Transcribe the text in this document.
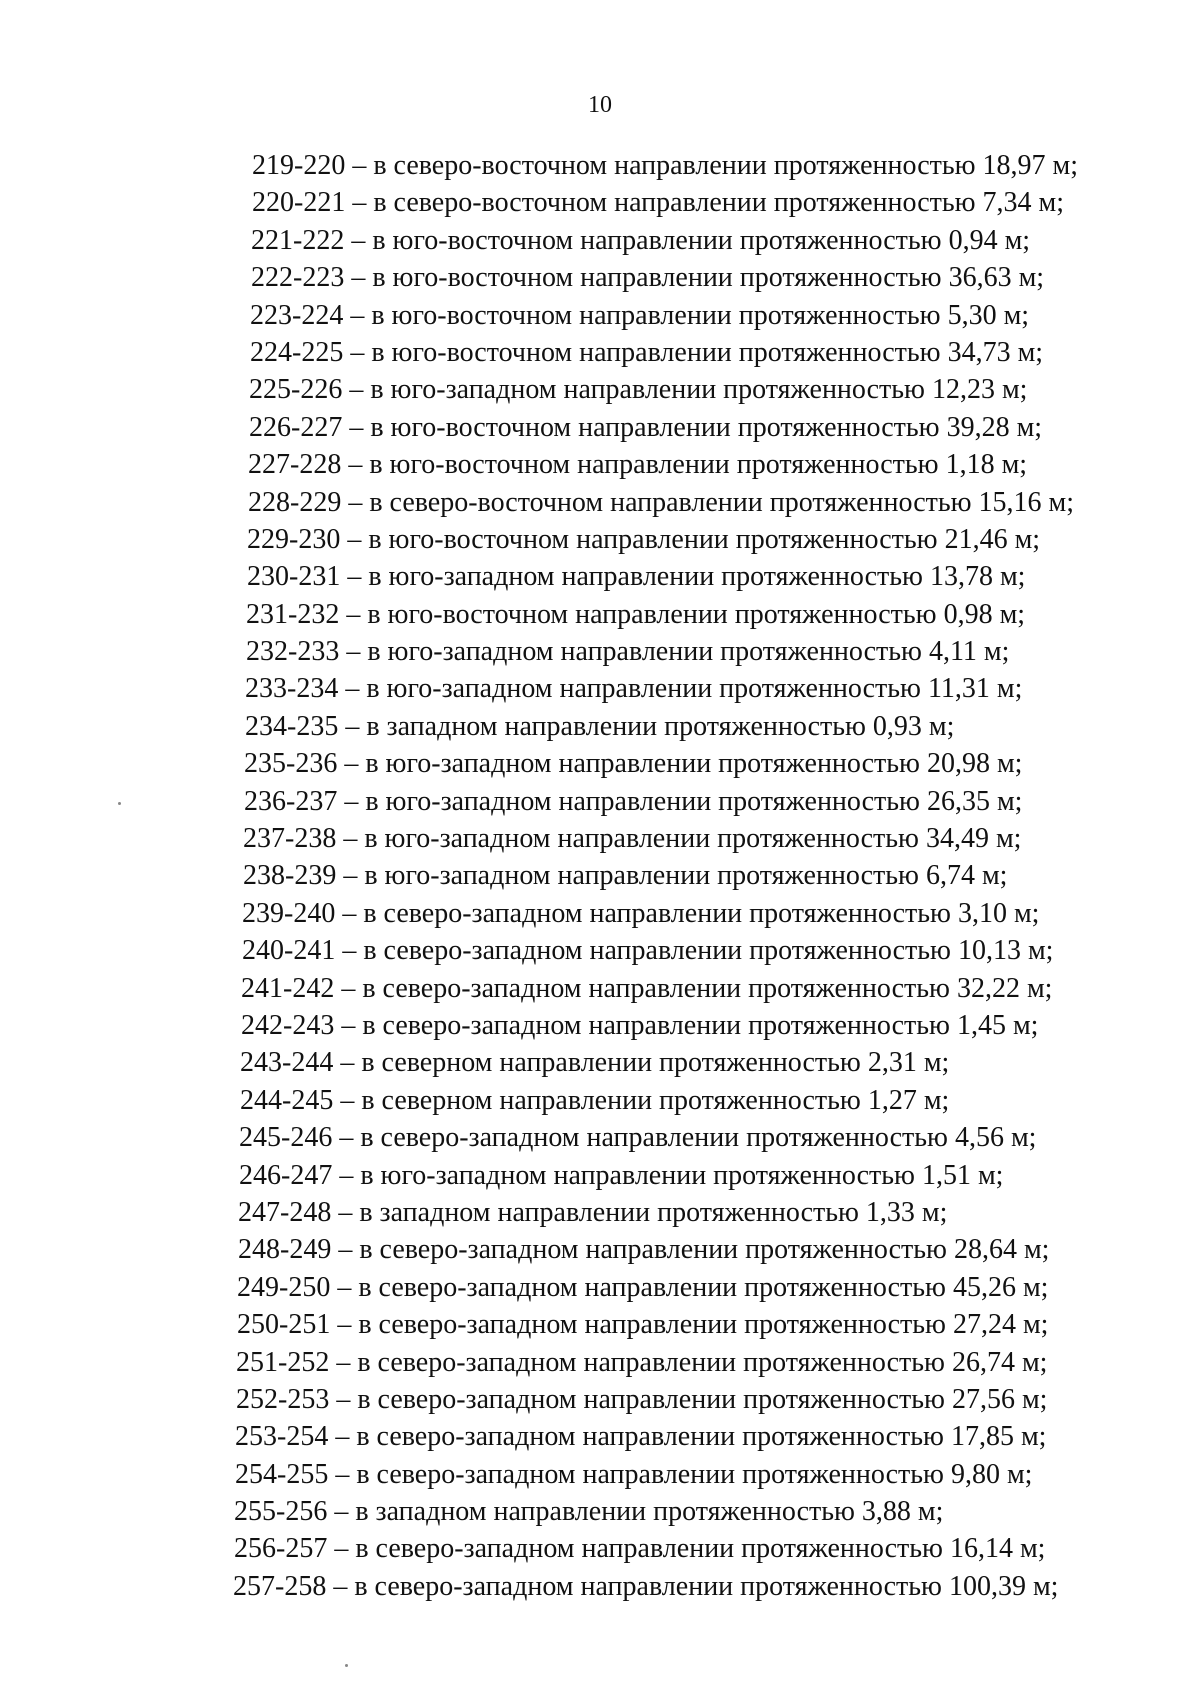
10
219-220 – в северо-восточном направлении протяженностью 18,97 м;
220-221 – в северо-восточном направлении протяженностью 7,34 м;
221-222 – в юго-восточном направлении протяженностью 0,94 м;
222-223 – в юго-восточном направлении протяженностью 36,63 м;
223-224 – в юго-восточном направлении протяженностью 5,30 м;
224-225 – в юго-восточном направлении протяженностью 34,73 м;
225-226 – в юго-западном направлении протяженностью 12,23 м;
226-227 – в юго-восточном направлении протяженностью 39,28 м;
227-228 – в юго-восточном направлении протяженностью 1,18 м;
228-229 – в северо-восточном направлении протяженностью 15,16 м;
229-230 – в юго-восточном направлении протяженностью 21,46 м;
230-231 – в юго-западном направлении протяженностью 13,78 м;
231-232 – в юго-восточном направлении протяженностью 0,98 м;
232-233 – в юго-западном направлении протяженностью 4,11 м;
233-234 – в юго-западном направлении протяженностью 11,31 м;
234-235 – в западном направлении протяженностью 0,93 м;
235-236 – в юго-западном направлении протяженностью 20,98 м;
236-237 – в юго-западном направлении протяженностью 26,35 м;
237-238 – в юго-западном направлении протяженностью 34,49 м;
238-239 – в юго-западном направлении протяженностью 6,74 м;
239-240 – в северо-западном направлении протяженностью 3,10 м;
240-241 – в северо-западном направлении протяженностью 10,13 м;
241-242 – в северо-западном направлении протяженностью 32,22 м;
242-243 – в северо-западном направлении протяженностью 1,45 м;
243-244 – в северном направлении протяженностью 2,31 м;
244-245 – в северном направлении протяженностью 1,27 м;
245-246 – в северо-западном направлении протяженностью 4,56 м;
246-247 – в юго-западном направлении протяженностью 1,51 м;
247-248 – в западном направлении протяженностью 1,33 м;
248-249 – в северо-западном направлении протяженностью 28,64 м;
249-250 – в северо-западном направлении протяженностью 45,26 м;
250-251 – в северо-западном направлении протяженностью 27,24 м;
251-252 – в северо-западном направлении протяженностью 26,74 м;
252-253 – в северо-западном направлении протяженностью 27,56 м;
253-254 – в северо-западном направлении протяженностью 17,85 м;
254-255 – в северо-западном направлении протяженностью 9,80 м;
255-256 – в западном направлении протяженностью 3,88 м;
256-257 – в северо-западном направлении протяженностью 16,14 м;
257-258 – в северо-западном направлении протяженностью 100,39 м;
